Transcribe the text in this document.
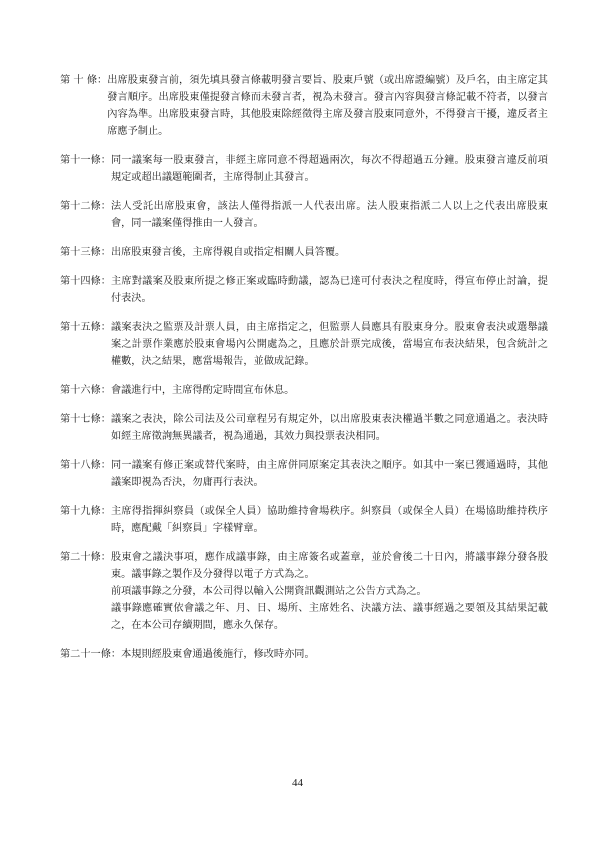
第 十 條： 出席股東發言前，須先填具發言條載明發言要旨、股東戶號（或出席證編號）及戶名，由主席定其發言順序。出席股東僅提發言條而未發言者，視為未發言。發言內容與發言條記載不符者，以發言內容為準。出席股東發言時，其他股東除經徵得主席及發言股東同意外，不得發言干擾，違反者主席應予制止。

第十一條： 同一議案每一股東發言，非經主席同意不得超過兩次，每次不得超過五分鐘。股東發言違反前項規定或超出議題範圍者，主席得制止其發言。

第十二條： 法人受託出席股東會，該法人僅得指派一人代表出席。法人股東指派二人以上之代表出席股東會，同一議案僅得推由一人發言。

第十三條： 出席股東發言後，主席得親自或指定相關人員答覆。

第十四條： 主席對議案及股東所提之修正案或臨時動議，認為已達可付表決之程度時，得宣布停止討論，提付表決。

第十五條： 議案表決之監票及計票人員，由主席指定之，但監票人員應具有股東身分。股東會表決或選舉議案之計票作業應於股東會場內公開處為之，且應於計票完成後，當場宣布表決結果，包含統計之權數，決之結果，應當場報告，並做成記錄。

第十六條： 會議進行中，主席得酌定時間宣布休息。

第十七條： 議案之表決，除公司法及公司章程另有規定外，以出席股東表決權過半數之同意通過之。表決時如經主席徵詢無異議者，視為通過，其效力與投票表決相同。

第十八條： 同一議案有修正案或替代案時，由主席併同原案定其表決之順序。如其中一案已獲通過時，其他議案即視為否決，勿庸再行表決。

第十九條： 主席得指揮糾察員（或保全人員）協助維持會場秩序。糾察員（或保全人員）在場協助維持秩序時，應配戴「糾察員」字樣臂章。

第二十條： 股東會之議決事項，應作成議事錄，由主席簽名或蓋章，並於會後二十日內，將議事錄分發各股東。議事錄之製作及分發得以電子方式為之。

前項議事錄之分發，本公司得以輸入公開資訊觀測站之公告方式為之。

議事錄應確實依會議之年、月、日、場所、主席姓名、決議方法、議事經過之要領及其結果記載之，在本公司存續期間，應永久保存。

第二十一條： 本規則經股東會通過後施行，修改時亦同。

44
